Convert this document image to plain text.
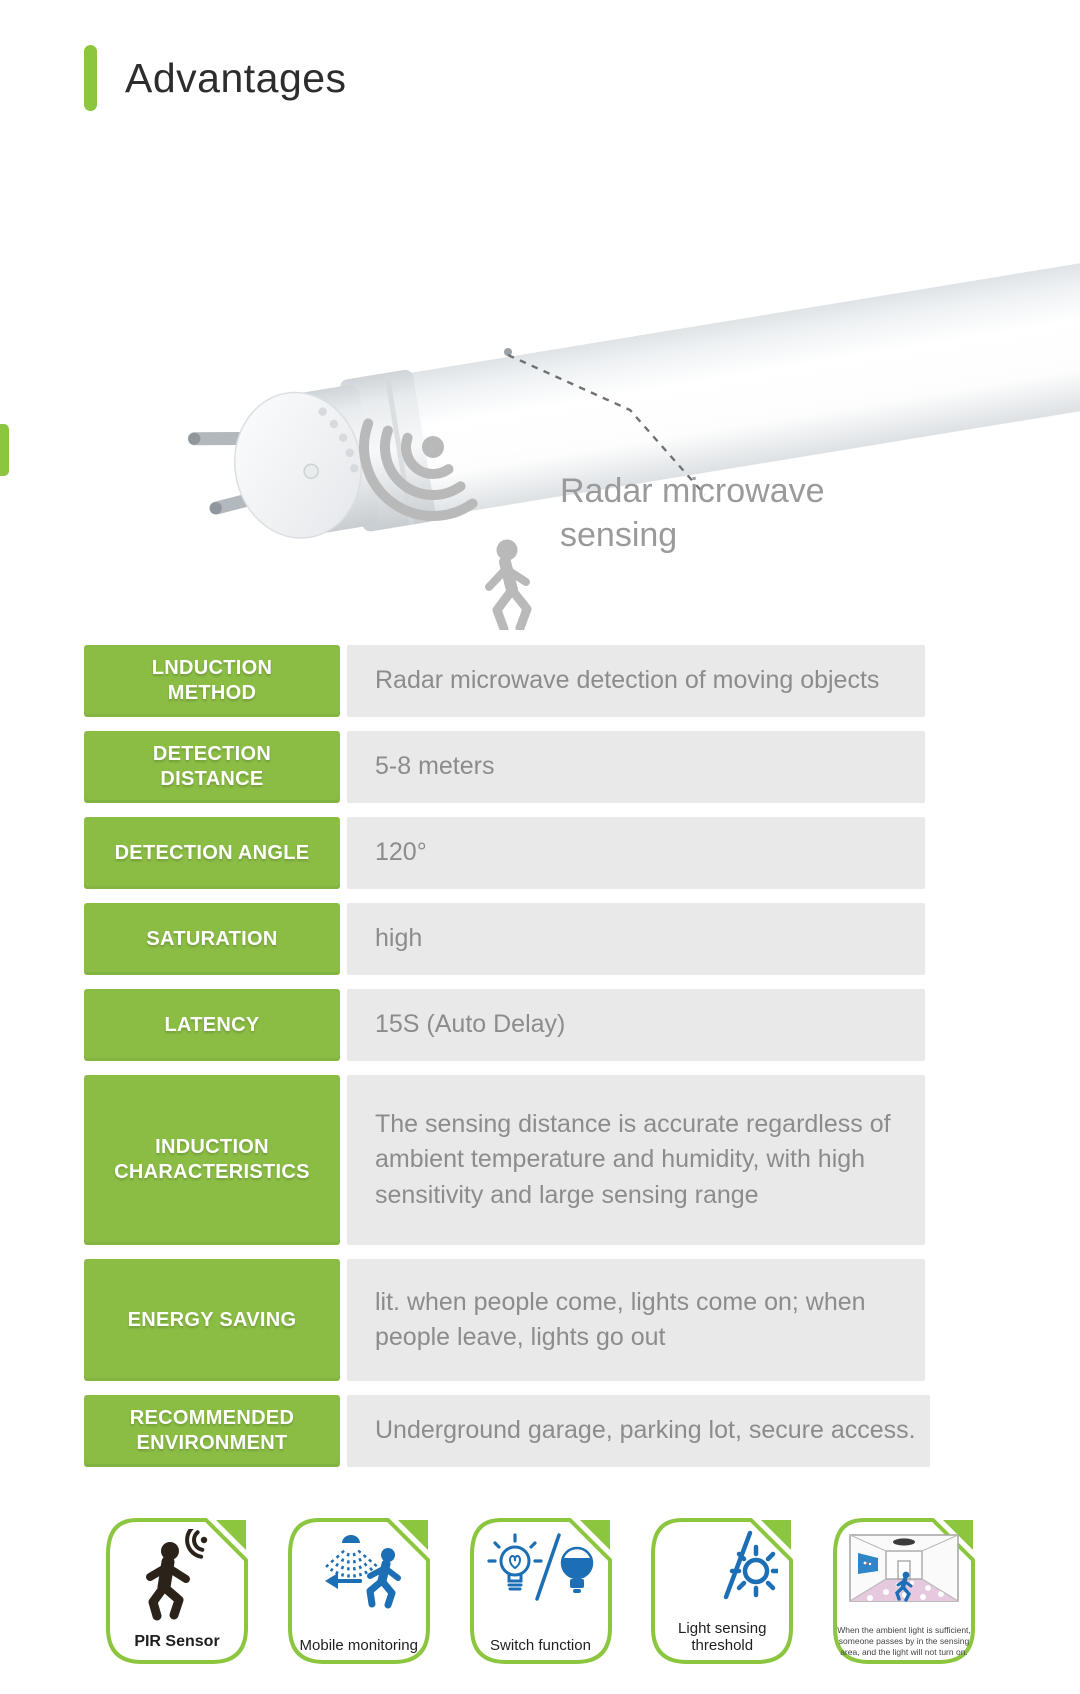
Advantages
Radar microwave sensing
LNDUCTION METHOD	Radar microwave detection of moving objects
DETECTION DISTANCE	5-8 meters
DETECTION ANGLE	120°
SATURATION	high
LATENCY	15S (Auto Delay)
INDUCTION CHARACTERISTICS
The sensing distance is accurate regardless of ambient temperature and humidity, with high sensitivity and large sensing range
ENERGY SAVING
lit. when people come, lights come on; when people leave, lights go out
RECOMMENDED ENVIRONMENT	Underground garage, parking lot, secure access.
PIR Sensor	Mobile monitoring	Switch function
Light sensing threshold
When the ambient light is sufficient, someone passes by in the sensing area, and the light will not turn on.
